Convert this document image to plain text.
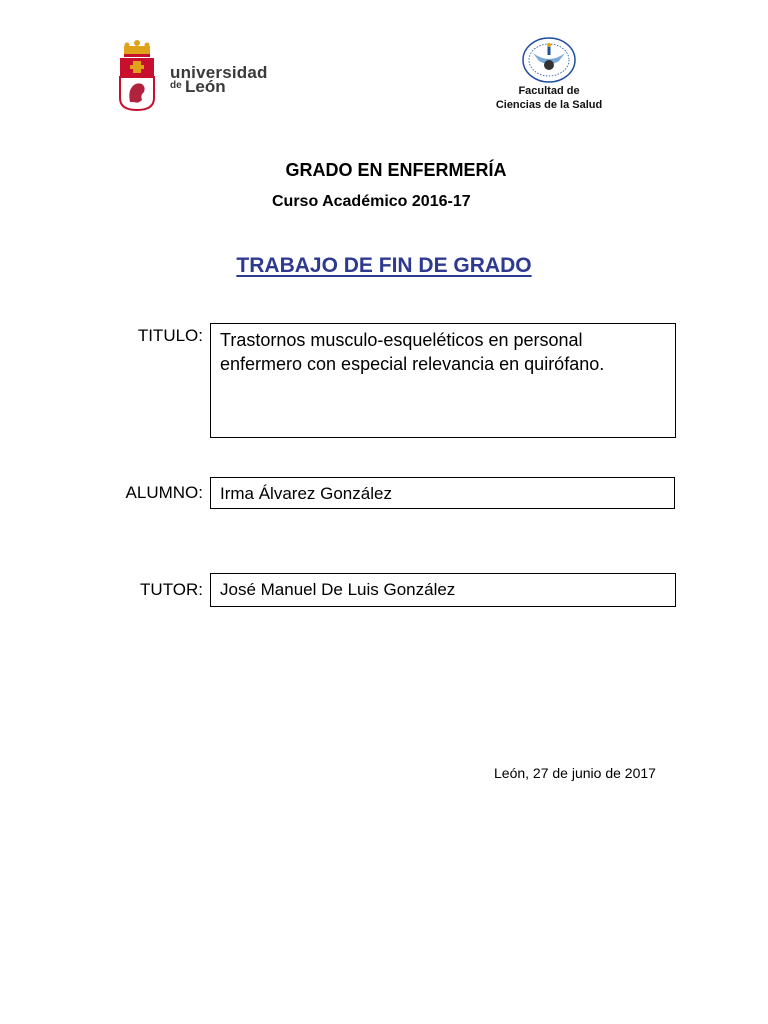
universidad
de León	Facultad de
Ciencias de la Salud
GRADO EN ENFERMERÍA
Curso Académico 2016-17
TRABAJO DE FIN DE GRADO
TITULO: Trastornos musculo-esqueléticos en personal enfermero con especial relevancia en quirófano.
ALUMNO:	Irma Álvarez González
TUTOR:	José Manuel De Luis González
León, 27 de junio de 2017
